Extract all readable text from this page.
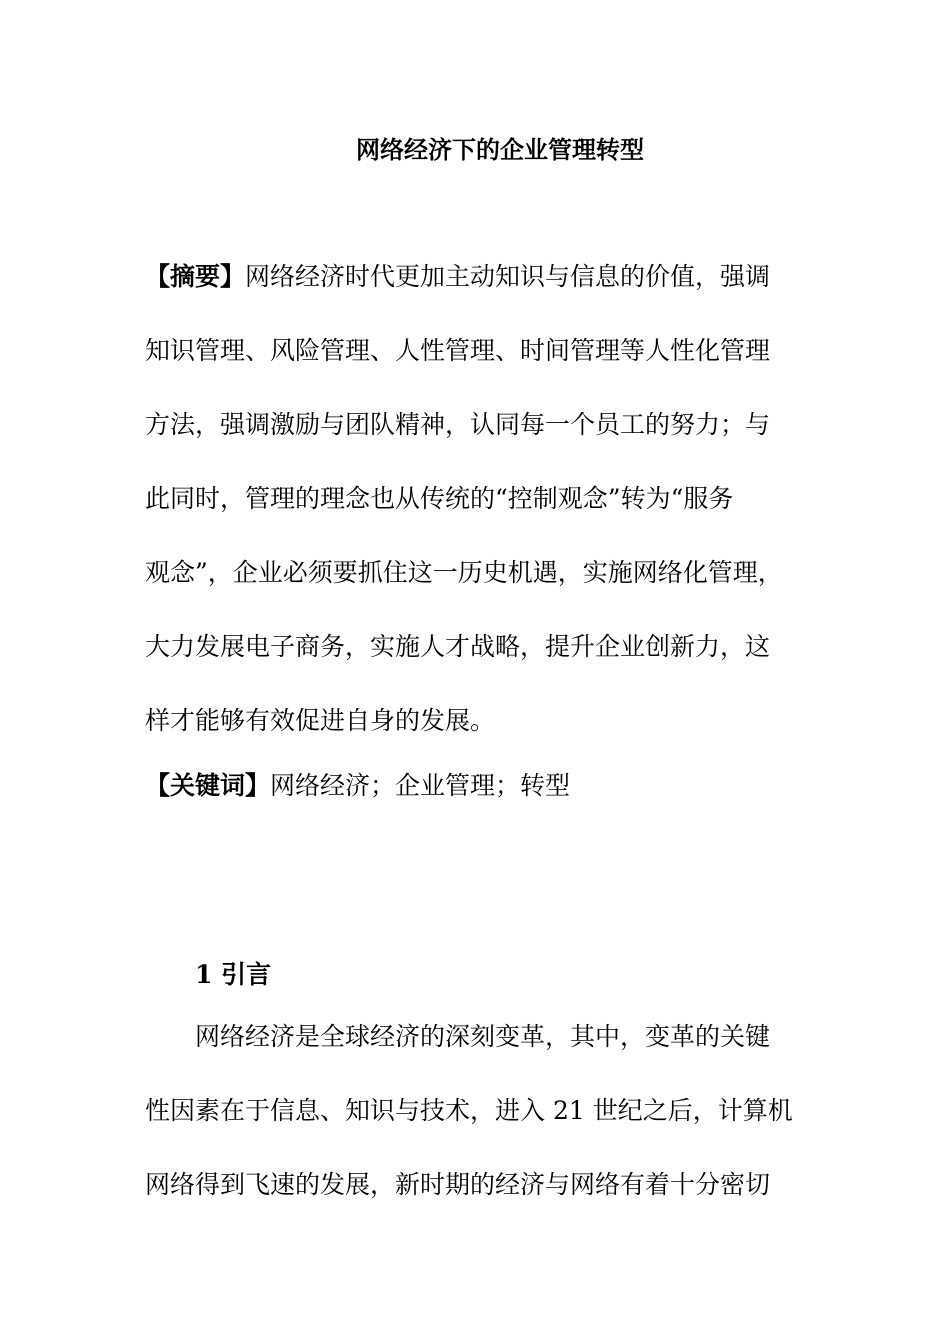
网络经济下的企业管理转型
【摘要】网络经济时代更加主动知识与信息的价值，强调
知识管理、风险管理、人性管理、时间管理等人性化管理
方法，强调激励与团队精神，认同每一个员工的努力；与
此同时，管理的理念也从传统的“控制观念”转为“服务
观念”，企业必须要抓住这一历史机遇，实施网络化管理，
大力发展电子商务，实施人才战略，提升企业创新力，这
样才能够有效促进自身的发展。
【关键词】网络经济；企业管理；转型
1 引言
网络经济是全球经济的深刻变革，其中，变革的关键
性因素在于信息、知识与技术，进入 21 世纪之后，计算机
网络得到飞速的发展，新时期的经济与网络有着十分密切
